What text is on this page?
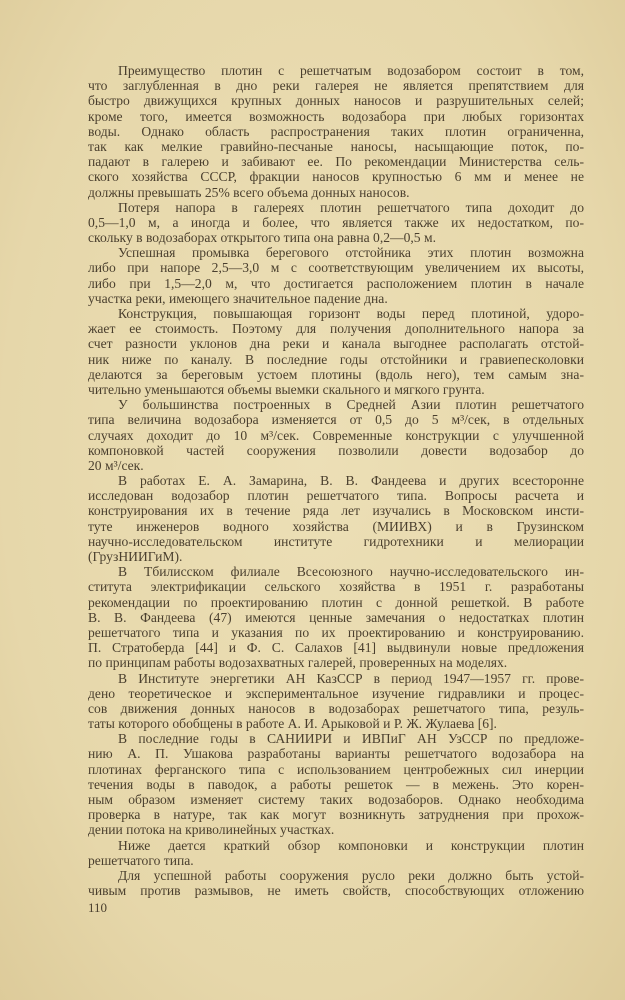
Преимущество плотин с решетчатым водозабором состоит в том,
что заглубленная в дно реки галерея не является препятствием для
быстро движущихся крупных донных наносов и разрушительных селей;
кроме того, имеется возможность водозабора при любых горизонтах
воды. Однако область распространения таких плотин ограниченна,
так как мелкие гравийно-песчаные наносы, насыщающие поток, по-
падают в галерею и забивают ее. По рекомендации Министерства сель-
ского хозяйства СССР, фракции наносов крупностью 6 мм и менее не
должны превышать 25% всего объема донных наносов.
Потеря напора в галереях плотин решетчатого типа доходит до
0,5—1,0 м, а иногда и более, что является также их недостатком, по-
скольку в водозаборах открытого типа она равна 0,2—0,5 м.
Успешная промывка берегового отстойника этих плотин возможна
либо при напоре 2,5—3,0 м с соответствующим увеличением их высоты,
либо при 1,5—2,0 м, что достигается расположением плотин в начале
участка реки, имеющего значительное падение дна.
Конструкция, повышающая горизонт воды перед плотиной, удоро-
жает ее стоимость. Поэтому для получения дополнительного напора за
счет разности уклонов дна реки и канала выгоднее располагать отстой-
ник ниже по каналу. В последние годы отстойники и гравиепесколовки
делаются за береговым устоем плотины (вдоль него), тем самым зна-
чительно уменьшаются объемы выемки скального и мягкого грунта.
У большинства построенных в Средней Азии плотин решетчатого
типа величина водозабора изменяется от 0,5 до 5 м³/сек, в отдельных
случаях доходит до 10 м³/сек. Современные конструкции с улучшенной
компоновкой частей сооружения позволили довести водозабор до
20 м³/сек.
В работах Е. А. Замарина, В. В. Фандеева и других всесторонне
исследован водозабор плотин решетчатого типа. Вопросы расчета и
конструирования их в течение ряда лет изучались в Московском инсти-
туте инженеров водного хозяйства (МИИВХ) и в Грузинском
научно-исследовательском институте гидротехники и мелиорации
(ГрузНИИГиМ).
В Тбилисском филиале Всесоюзного научно-исследовательского ин-
ститута электрификации сельского хозяйства в 1951 г. разработаны
рекомендации по проектированию плотин с донной решеткой. В работе
В. В. Фандеева (47) имеются ценные замечания о недостатках плотин
решетчатого типа и указания по их проектированию и конструированию.
П. Стратоберда [44] и Ф. С. Салахов [41] выдвинули новые предложения
по принципам работы водозахватных галерей, проверенных на моделях.
В Институте энергетики АН КазССР в период 1947—1957 гг. прове-
дено теоретическое и экспериментальное изучение гидравлики и процес-
сов движения донных наносов в водозаборах решетчатого типа, резуль-
таты которого обобщены в работе А. И. Арыковой и Р. Ж. Жулаева [6].
В последние годы в САНИИРИ и ИВПиГ АН УзССР по предложе-
нию А. П. Ушакова разработаны варианты решетчатого водозабора на
плотинах ферганского типа с использованием центробежных сил инерции
течения воды в паводок, а работы решеток — в межень. Это корен-
ным образом изменяет систему таких водозаборов. Однако необходима
проверка в натуре, так как могут возникнуть затруднения при прохож-
дении потока на криволинейных участках.
Ниже дается краткий обзор компоновки и конструкции плотин
решетчатого типа.
Для успешной работы сооружения русло реки должно быть устой-
чивым против размывов, не иметь свойств, способствующих отложению
110
